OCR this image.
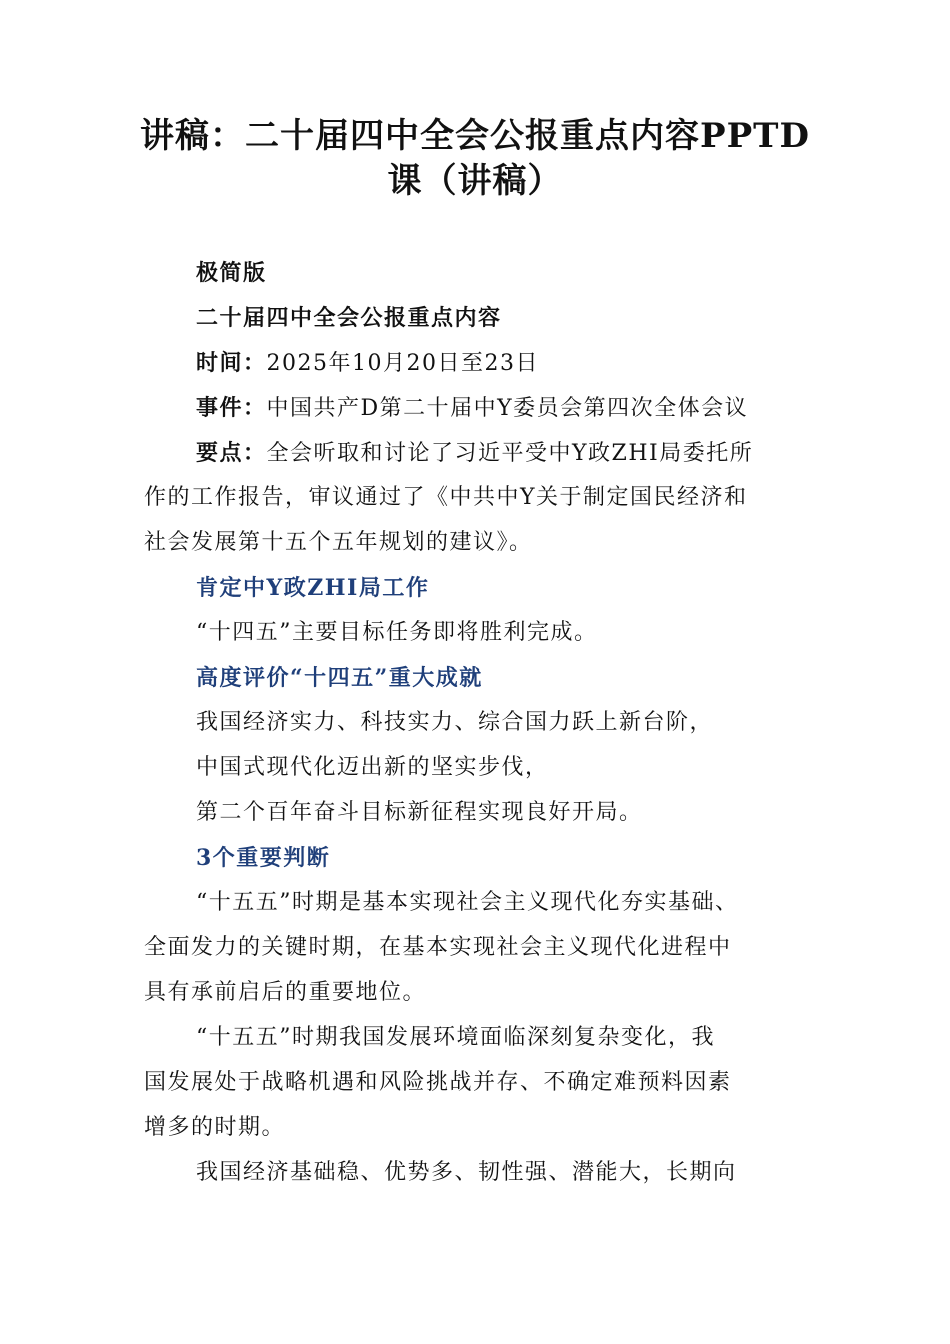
讲稿：二十届四中全会公报重点内容PPTD
课（讲稿）
极简版
二十届四中全会公报重点内容
时间：2025年10月20日至23日
事件：中国共产D第二十届中Y委员会第四次全体会议
要点：全会听取和讨论了习近平受中Y政ZHI局委托所
作的工作报告，审议通过了《中共中Y关于制定国民经济和
社会发展第十五个五年规划的建议》。
肯定中Y政ZHI局工作
“十四五”主要目标任务即将胜利完成。
高度评价“十四五”重大成就
我国经济实力、科技实力、综合国力跃上新台阶，
中国式现代化迈出新的坚实步伐，
第二个百年奋斗目标新征程实现良好开局。
3个重要判断
“十五五”时期是基本实现社会主义现代化夯实基础、
全面发力的关键时期，在基本实现社会主义现代化进程中
具有承前启后的重要地位。
“十五五”时期我国发展环境面临深刻复杂变化，我
国发展处于战略机遇和风险挑战并存、不确定难预料因素
增多的时期。
我国经济基础稳、优势多、韧性强、潜能大，长期向
